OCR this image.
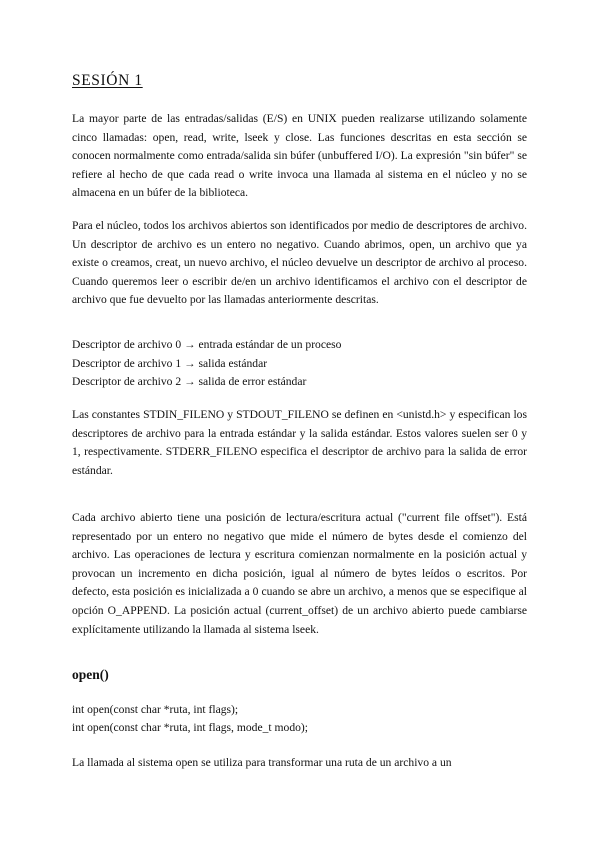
SESIÓN 1

La mayor parte de las entradas/salidas (E/S) en UNIX pueden realizarse utilizando solamente cinco llamadas: open, read, write, lseek y close. Las funciones descritas en esta sección se conocen normalmente como entrada/salida sin búfer (unbuffered I/O). La expresión "sin búfer" se refiere al hecho de que cada read o write invoca una llamada al sistema en el núcleo y no se almacena en un búfer de la biblioteca.

Para el núcleo, todos los archivos abiertos son identificados por medio de descriptores de archivo. Un descriptor de archivo es un entero no negativo. Cuando abrimos, open, un archivo que ya existe o creamos, creat, un nuevo archivo, el núcleo devuelve un descriptor de archivo al proceso. Cuando queremos leer o escribir de/en un archivo identificamos el archivo con el descriptor de archivo que fue devuelto por las llamadas anteriormente descritas.

Descriptor de archivo 0 → entrada estándar de un proceso

Descriptor de archivo 1 → salida estándar

Descriptor de archivo 2 → salida de error estándar

Las constantes STDIN_FILENO y STDOUT_FILENO se definen en <unistd.h> y especifican los descriptores de archivo para la entrada estándar y la salida estándar. Estos valores suelen ser 0 y 1, respectivamente. STDERR_FILENO especifica el descriptor de archivo para la salida de error estándar.

Cada archivo abierto tiene una posición de lectura/escritura actual ("current file offset"). Está representado por un entero no negativo que mide el número de bytes desde el comienzo del archivo. Las operaciones de lectura y escritura comienzan normalmente en la posición actual y provocan un incremento en dicha posición, igual al número de bytes leídos o escritos. Por defecto, esta posición es inicializada a 0 cuando se abre un archivo, a menos que se especifique al opción O_APPEND. La posición actual (current_offset) de un archivo abierto puede cambiarse explícitamente utilizando la llamada al sistema lseek.

open()

int open(const char *ruta, int flags);

int open(const char *ruta, int flags, mode_t modo);

La llamada al sistema open se utiliza para transformar una ruta de un archivo a un
